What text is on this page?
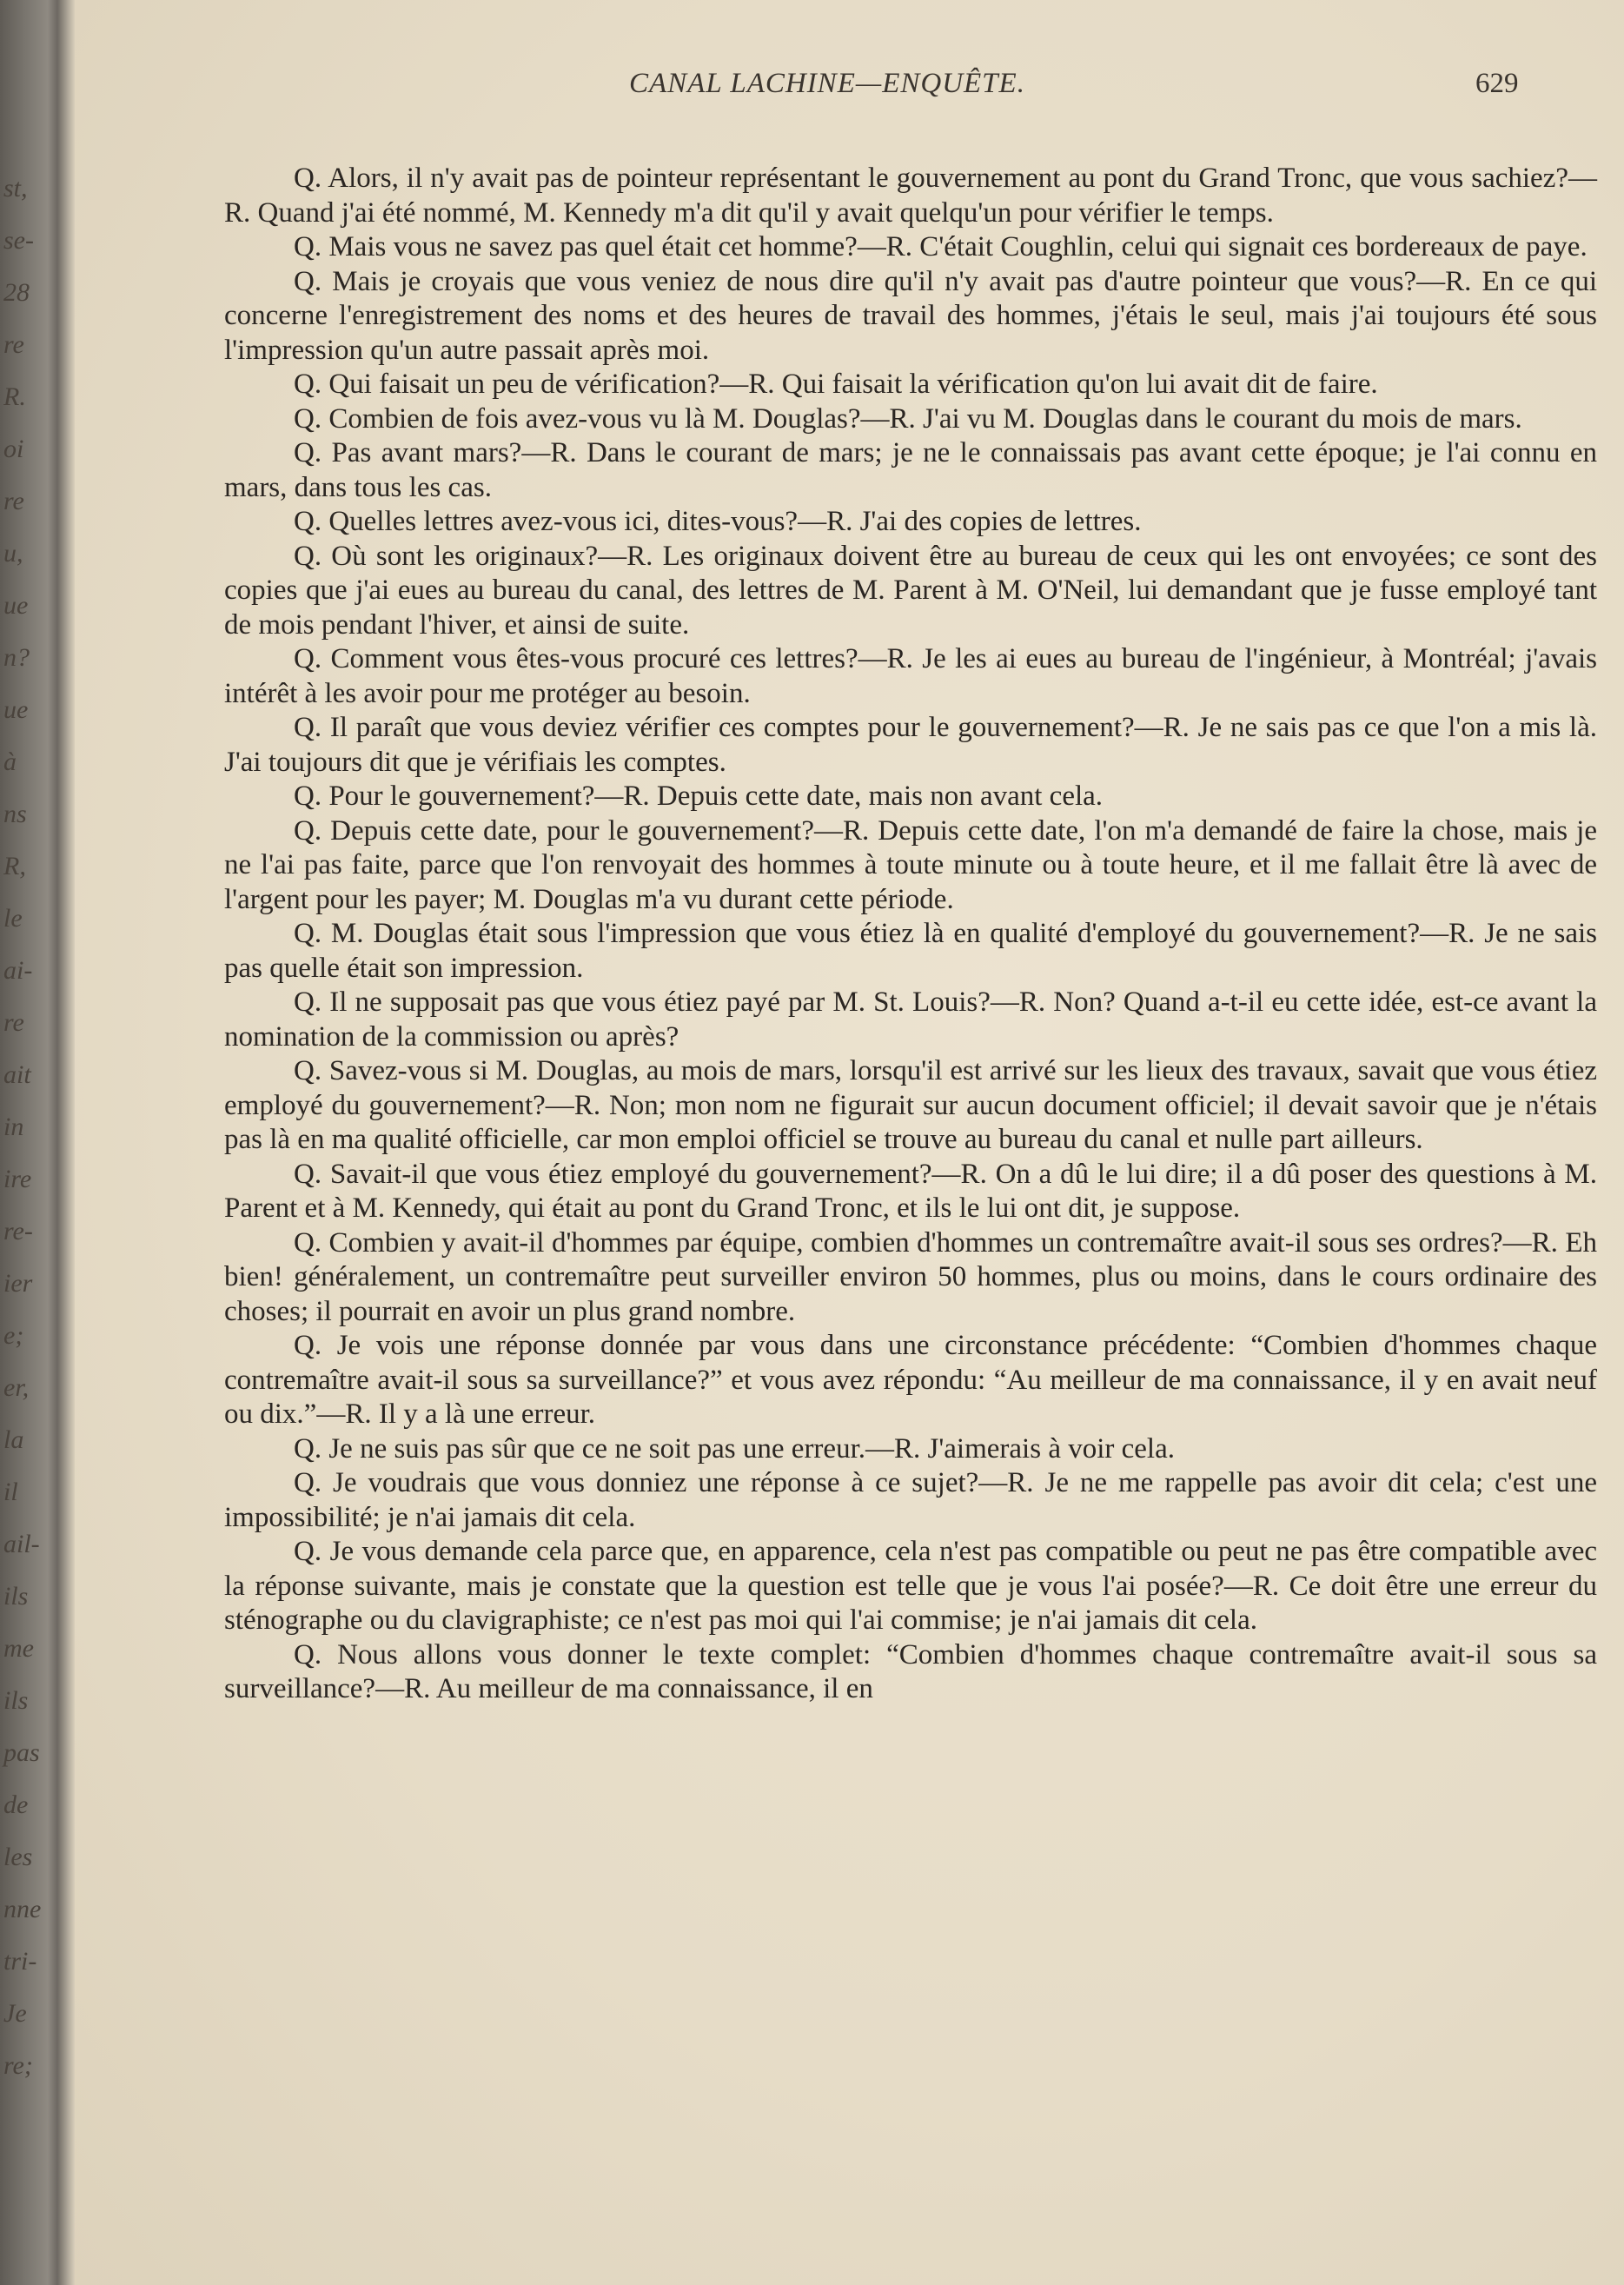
CANAL LACHINE—ENQUÊTE.	629

Q. Alors, il n'y avait pas de pointeur représentant le gouvernement au pont du Grand Tronc, que vous sachiez?—R. Quand j'ai été nommé, M. Kennedy m'a dit qu'il y avait quelqu'un pour vérifier le temps.

Q. Mais vous ne savez pas quel était cet homme?—R. C'était Coughlin, celui qui signait ces bordereaux de paye.

Q. Mais je croyais que vous veniez de nous dire qu'il n'y avait pas d'autre pointeur que vous?—R. En ce qui concerne l'enregistrement des noms et des heures de travail des hommes, j'étais le seul, mais j'ai toujours été sous l'impression qu'un autre passait après moi.

Q. Qui faisait un peu de vérification?—R. Qui faisait la vérification qu'on lui avait dit de faire.

Q. Combien de fois avez-vous vu là M. Douglas?—R. J'ai vu M. Douglas dans le courant du mois de mars.

Q. Pas avant mars?—R. Dans le courant de mars; je ne le connaissais pas avant cette époque; je l'ai connu en mars, dans tous les cas.

Q. Quelles lettres avez-vous ici, dites-vous?—R. J'ai des copies de lettres.

Q. Où sont les originaux?—R. Les originaux doivent être au bureau de ceux qui les ont envoyées; ce sont des copies que j'ai eues au bureau du canal, des lettres de M. Parent à M. O'Neil, lui demandant que je fusse employé tant de mois pendant l'hiver, et ainsi de suite.

Q. Comment vous êtes-vous procuré ces lettres?—R. Je les ai eues au bureau de l'ingénieur, à Montréal; j'avais intérêt à les avoir pour me protéger au besoin.

Q. Il paraît que vous deviez vérifier ces comptes pour le gouvernement?—R. Je ne sais pas ce que l'on a mis là. J'ai toujours dit que je vérifiais les comptes.

Q. Pour le gouvernement?—R. Depuis cette date, mais non avant cela.

Q. Depuis cette date, pour le gouvernement?—R. Depuis cette date, l'on m'a demandé de faire la chose, mais je ne l'ai pas faite, parce que l'on renvoyait des hommes à toute minute ou à toute heure, et il me fallait être là avec de l'argent pour les payer; M. Douglas m'a vu durant cette période.

Q. M. Douglas était sous l'impression que vous étiez là en qualité d'employé du gouvernement?—R. Je ne sais pas quelle était son impression.

Q. Il ne supposait pas que vous étiez payé par M. St. Louis?—R. Non? Quand a-t-il eu cette idée, est-ce avant la nomination de la commission ou après?

Q. Savez-vous si M. Douglas, au mois de mars, lorsqu'il est arrivé sur les lieux des travaux, savait que vous étiez employé du gouvernement?—R. Non; mon nom ne figurait sur aucun document officiel; il devait savoir que je n'étais pas là en ma qualité officielle, car mon emploi officiel se trouve au bureau du canal et nulle part ailleurs.

Q. Savait-il que vous étiez employé du gouvernement?—R. On a dû le lui dire; il a dû poser des questions à M. Parent et à M. Kennedy, qui était au pont du Grand Tronc, et ils le lui ont dit, je suppose.

Q. Combien y avait-il d'hommes par équipe, combien d'hommes un contremaître avait-il sous ses ordres?—R. Eh bien! généralement, un contremaître peut surveiller environ 50 hommes, plus ou moins, dans le cours ordinaire des choses; il pourrait en avoir un plus grand nombre.

Q. Je vois une réponse donnée par vous dans une circonstance précédente: “Combien d'hommes chaque contremaître avait-il sous sa surveillance?” et vous avez répondu: “Au meilleur de ma connaissance, il y en avait neuf ou dix.”—R. Il y a là une erreur.

Q. Je ne suis pas sûr que ce ne soit pas une erreur.—R. J'aimerais à voir cela.

Q. Je voudrais que vous donniez une réponse à ce sujet?—R. Je ne me rappelle pas avoir dit cela; c'est une impossibilité; je n'ai jamais dit cela.

Q. Je vous demande cela parce que, en apparence, cela n'est pas compatible ou peut ne pas être compatible avec la réponse suivante, mais je constate que la question est telle que je vous l'ai posée?—R. Ce doit être une erreur du sténographe ou du clavigraphiste; ce n'est pas moi qui l'ai commise; je n'ai jamais dit cela.

Q. Nous allons vous donner le texte complet: “Combien d'hommes chaque contremaître avait-il sous sa surveillance?—R. Au meilleur de ma connaissance, il en

st,
se-
28
re
R.
oi
re
u,
ue
n?
ue
à
ns
R,
le
ai-
re
ait
in
ire
re-
ier
e;
er,
la
il
ail-
ils
me
ils
pas
de
les
nne
tri-
Je
re;
